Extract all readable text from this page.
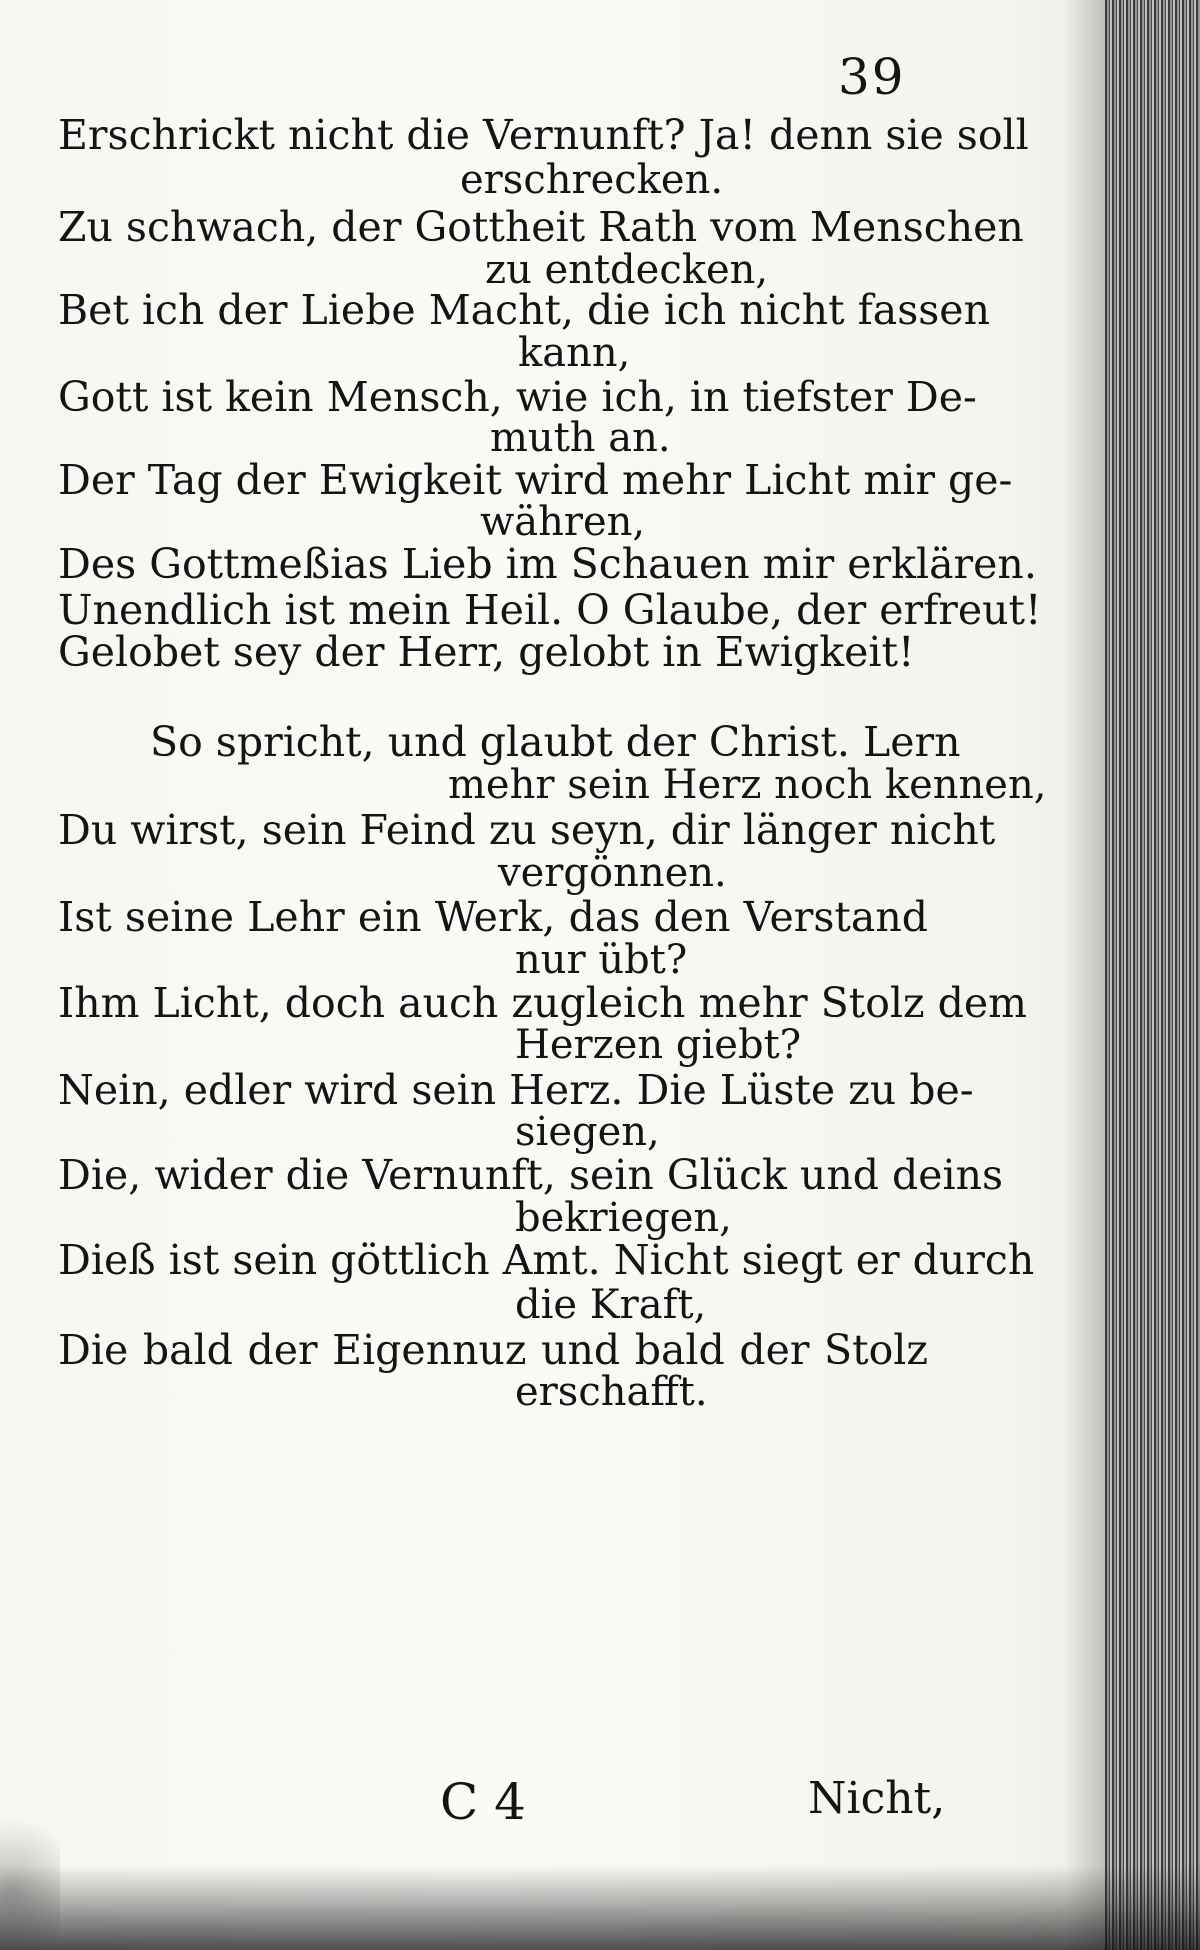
39
Erschrickt nicht die Vernunft? Ja! denn sie soll
erschrecken.
Zu schwach, der Gottheit Rath vom Menschen
zu entdecken,
Bet ich der Liebe Macht, die ich nicht fassen
kann,
Gott ist kein Mensch, wie ich, in tiefster De-
muth an.
Der Tag der Ewigkeit wird mehr Licht mir ge-
währen,
Des Gottmeßias Lieb im Schauen mir erklären.
Unendlich ist mein Heil. O Glaube, der erfreut!
Gelobet sey der Herr, gelobt in Ewigkeit!
So spricht, und glaubt der Christ. Lern
mehr sein Herz noch kennen,
Du wirst, sein Feind zu seyn, dir länger nicht
vergönnen.
Ist seine Lehr ein Werk, das den Verstand
nur übt?
Ihm Licht, doch auch zugleich mehr Stolz dem
Herzen giebt?
Nein, edler wird sein Herz. Die Lüste zu be-
siegen,
Die, wider die Vernunft, sein Glück und deins
bekriegen,
Dieß ist sein göttlich Amt. Nicht siegt er durch
die Kraft,
Die bald der Eigennuz und bald der Stolz
erschafft.
C 4	Nicht,
